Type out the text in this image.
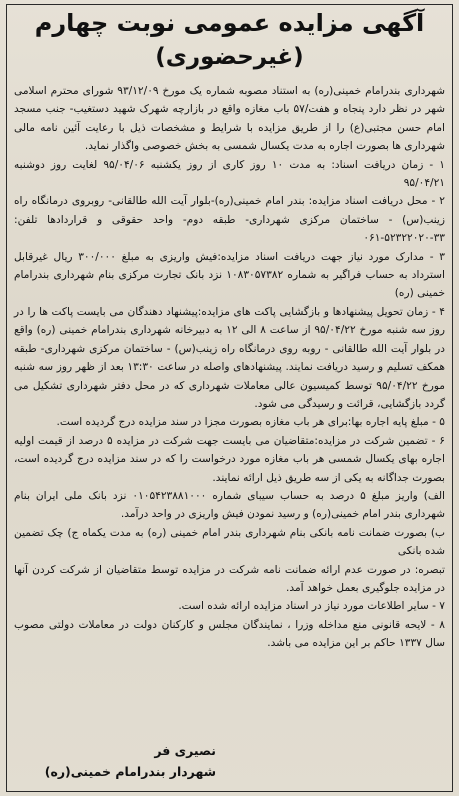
آگهی مزایده عمومی نوبت چهارم
(غیرحضوری)

شهرداری بندرامام خمینی(ره) به استناد مصوبه شماره یک مورخ ۹۳/۱۲/۰۹ شورای محترم اسلامی شهر در نظر دارد پنجاه و هفت/۵۷ باب مغازه واقع در بازارچه شهرک شهید دستغیب- جنب مسجد امام حسن مجتبی(ع) را از طریق مزایده با شرایط و مشخصات ذیل با رعایت آئین نامه مالی شهرداری ها بصورت اجاره به مدت یکسال شمسی به بخش خصوصی واگذار نماید.

۱ - زمان دریافت اسناد: به مدت ۱۰ روز کاری از روز یکشنبه ۹۵/۰۴/۰۶ لغایت روز دوشنبه ۹۵/۰۴/۲۱

۲ - محل دریافت اسناد مزایده: بندر امام خمینی(ره)-بلوار آیت الله طالقانی- روبروی درمانگاه راه زینب(س) - ساختمان مرکزی شهرداری- طبقه دوم- واحد حقوقی و قراردادها تلفن: ۳۳-۵۲۳۲۲۰۲۰-۰۶۱

۳ - مدارک مورد نیاز جهت دریافت اسناد مزایده:فیش واریزی به مبلغ ۳۰۰/۰۰۰ ریال غیرقابل استرداد به حساب فراگیر به شماره ۱۰۸۳۰۵۷۳۸۲ نزد بانک تجارت مرکزی بنام شهرداری بندرامام خمینی (ره)

۴ - زمان تحویل پیشنهادها و بازگشایی پاکت های مزایده:پیشنهاد دهندگان می بایست پاکت ها را در روز سه شنبه مورخ ۹۵/۰۴/۲۲ از ساعت ۸ الی ۱۲ به دبیرخانه شهرداری بندرامام خمینی (ره) واقع در بلوار آیت الله طالقانی - روبه روی درمانگاه راه زینب(س) - ساختمان مرکزی شهرداری- طبقه همکف تسلیم و رسید دریافت نمایند. پیشنهادهای واصله در ساعت ۱۳:۳۰ بعد از ظهر روز سه شنبه مورخ ۹۵/۰۴/۲۲ توسط کمیسیون عالی معاملات شهرداری که در محل دفتر شهرداری تشکیل می گردد بازگشایی، قرائت و رسیدگی می شود.

۵ - مبلغ پایه اجاره بها:برای هر باب مغازه بصورت مجزا در سند مزایده درج گردیده است.

۶ - تضمین شرکت در مزایده:متقاضیان می بایست جهت شرکت در مزایده ۵ درصد از قیمت اولیه اجاره بهای یکسال شمسی هر باب مغازه مورد درخواست را که در سند مزایده درج گردیده است، بصورت جداگانه به یکی از سه طریق ذیل ارائه نمایند.

الف) واریز مبلغ ۵ درصد به حساب سیبای شماره ۰۱۰۵۴۲۳۸۸۱۰۰۰ نزد بانک ملی ایران بنام شهرداری بندر امام خمینی(ره) و رسید نمودن فیش واریزی در واحد درآمد.

ب) بصورت ضمانت نامه بانکی بنام شهرداری بندر امام خمینی (ره) به مدت یکماه ج) چک تضمین شده بانکی

تبصره: در صورت عدم ارائه ضمانت نامه شرکت در مزایده توسط متقاضیان از شرکت کردن آنها در مزایده جلوگیری بعمل خواهد آمد.

۷ - سایر اطلاعات مورد نیاز در اسناد مزایده ارائه شده است.

۸ - لایحه قانونی منع مداخله وزرا ، نمایندگان مجلس و کارکنان دولت در معاملات دولتی مصوب سال ۱۳۳۷ حاکم بر این مزایده می باشد.

نصیری فر
شهردار بندرامام خمینی(ره)
